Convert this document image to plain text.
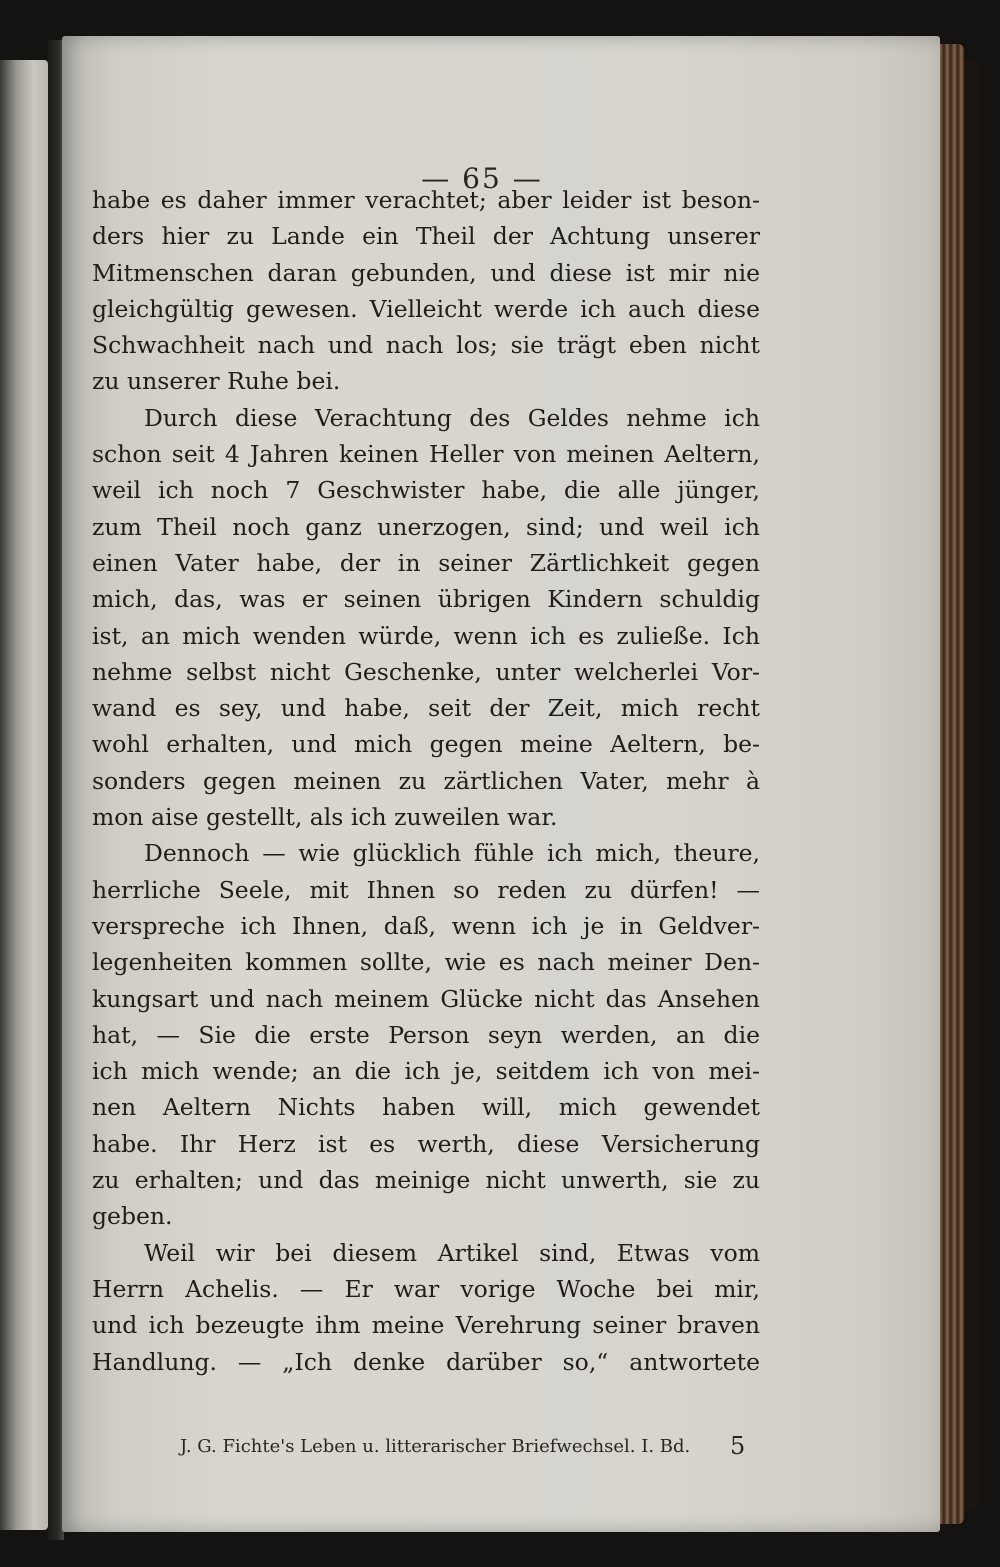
— 65 —
J. G. Fichte's Leben u. litterarischer Briefwechsel. I. Bd.	5
habe es daher immer verachtet; aber leider ist beson-
ders hier zu Lande ein Theil der Achtung unserer
Mitmenschen daran gebunden, und diese ist mir nie
gleichgültig gewesen. Vielleicht werde ich auch diese
Schwachheit nach und nach los; sie trägt eben nicht
zu unserer Ruhe bei.
Durch diese Verachtung des Geldes nehme ich
schon seit 4 Jahren keinen Heller von meinen Aeltern,
weil ich noch 7 Geschwister habe, die alle jünger,
zum Theil noch ganz unerzogen, sind; und weil ich
einen Vater habe, der in seiner Zärtlichkeit gegen
mich, das, was er seinen übrigen Kindern schuldig
ist, an mich wenden würde, wenn ich es zuließe. Ich
nehme selbst nicht Geschenke, unter welcherlei Vor-
wand es sey, und habe, seit der Zeit, mich recht
wohl erhalten, und mich gegen meine Aeltern, be-
sonders gegen meinen zu zärtlichen Vater, mehr à
mon aise gestellt, als ich zuweilen war.
Dennoch — wie glücklich fühle ich mich, theure,
herrliche Seele, mit Ihnen so reden zu dürfen! —
verspreche ich Ihnen, daß, wenn ich je in Geldver-
legenheiten kommen sollte, wie es nach meiner Den-
kungsart und nach meinem Glücke nicht das Ansehen
hat, — Sie die erste Person seyn werden, an die
ich mich wende; an die ich je, seitdem ich von mei-
nen Aeltern Nichts haben will, mich gewendet
habe. Ihr Herz ist es werth, diese Versicherung
zu erhalten; und das meinige nicht unwerth, sie zu
geben.
Weil wir bei diesem Artikel sind, Etwas vom
Herrn Achelis. — Er war vorige Woche bei mir,
und ich bezeugte ihm meine Verehrung seiner braven
Handlung. — „Ich denke darüber so,“ antwortete
